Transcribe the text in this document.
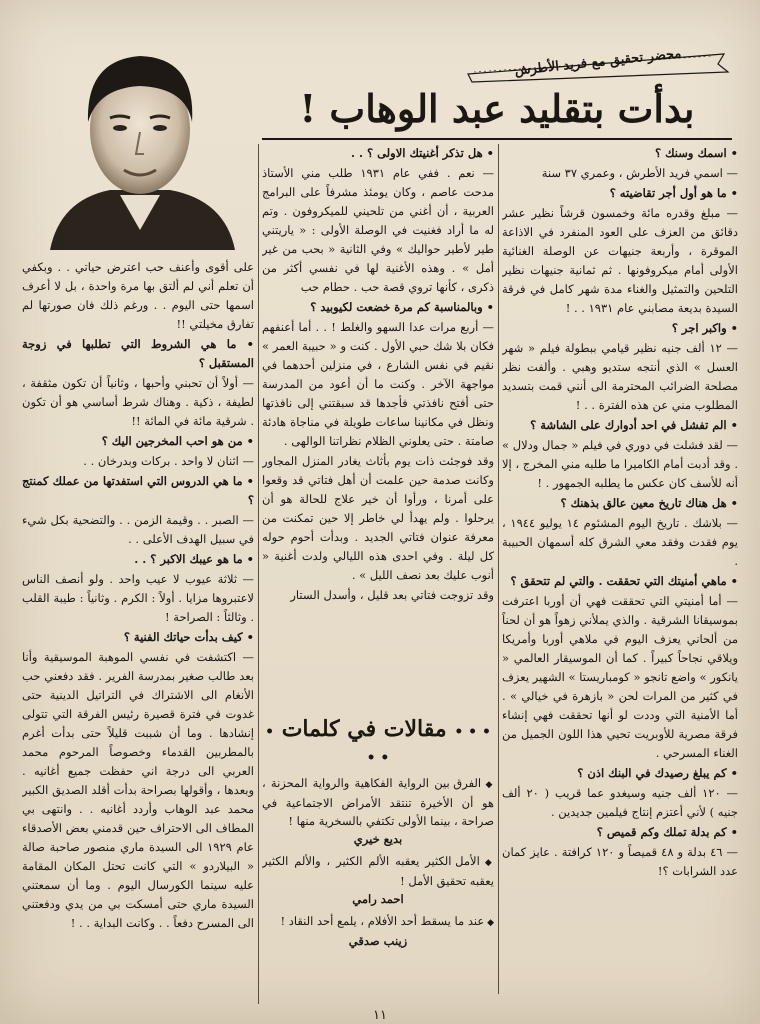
محضر تحقيق مع فريد الأطرش
بدأت بتقليد عبد الوهاب !

• اسمك وسنك ؟

— اسمي فريد الأطرش ، وعمري ٣٧ سنة

• ما هو أول أجر تقاضيته ؟

— مبلغ وقدره مائة وخمسون قرشاً نظير عشر دقائق من العزف على العود المنفرد في الاذاعة الموقرة ، وأربعة جنيهات عن الوصلة الغنائية الأولى أمام ميكروفونها . ثم ثمانية جنيهات نظير التلحين والتمثيل والغناء مدة شهر كامل في فرقة السيدة بديعة مصابني عام ١٩٣١ . . !

• واكبر اجر ؟

— ١٢ ألف جنيه نظير قيامي ببطولة فيلم « شهر العسل » الذي أنتجه ستديو وهبي . وألفت نظر مصلحة الضرائب المحترمة الى أنني قمت بتسديد المطلوب مني عن هذه الفترة . . !

• الم تفشل في احد أدوارك على الشاشة ؟

— لقد فشلت في دوري في فيلم « جمال ودلال » . وقد أدبت أمام الكاميرا ما طلبه مني المخرج ، إلا أنه للأسف كان عكس ما يطلبه الجمهور . !

• هل هناك تاريخ معين عالق بذهنك ؟

— بلاشك . تاريخ اليوم المشئوم ١٤ يوليو ١٩٤٤ ، يوم فقدت وفقد معي الشرق كله أسمهان الحبيبة .

• ماهي أمنيتك التي تحققت . والتي لم تتحقق ؟

— أما أمنيتي التي تحققت فهي أن أوربا اعترفت بموسيقانا الشرقية . والذي يملأني زهواً هو أن لحناً من ألحاني يعزف اليوم في ملاهي أوربا وأمريكا ويلاقي نجاحاً كبيراً . كما أن الموسيقار العالمي « يانكور » واضع تانجو « كومباريستا » الشهير يعزف في كثير من المرات لحن « بازهرة في خيالي » . أما الأمنية التي وددت لو أنها تحققت فهي إنشاء فرقة مصرية للأوبريت تحيي هذا اللون الجميل من الغناء المسرحي .

• كم يبلغ رصيدك في البنك اذن ؟

— ١٢٠ ألف جنيه وسيغدو عما قريب ( ٢٠ ألف جنيه ) لأني أعتزم إنتاج فيلمين جديدين .

• كم بدلة تملك وكم قميص ؟

— ٤٦ بدلة و ٤٨ قميصاً و ١٢٠ كرافتة . عايز كمان عدد الشرابات ؟!

• هل تذكر أغنيتك الاولى ؟ . .

— نعم . ففي عام ١٩٣١ طلب مني الأستاذ مدحت عاصم ، وكان يومئذ مشرفاً على البرامج العربية ، أن أغني من تلحيني للميكروفون . وتم له ما أراد فغنيت في الوصلة الأولى : « ياريتني طير لأطير حواليك » وفي الثانية « بحب من غير أمل » . وهذه الأغنية لها في نفسي أكثر من ذكرى ، كأنها تروي قصة حب . حطام حب

• وبالمناسبة كم مرة خضعت لكيوبيد ؟

— أربع مرات عدا السهو والغلط ! . . أما أعنفهم فكان بلا شك حبي الأول . كنت و « حبيبة العمر » نقيم في نفس الشارع ، في منزلين أحدهما في مواجهة الآخر . وكنت ما أن أعود من المدرسة حتى أفتح نافذتي فأجدها قد سبقتني إلى نافذتها ونظل في مكانينا ساعات طويلة في مناجاة هادئة صامتة . حتى يعلوني الظلام نظراتنا الوالهى .

وقد فوجئت ذات يوم بأثاث يغادر المنزل المجاور وكانت صدمة حين علمت أن أهل فتاتي قد وقعوا على أمرنا ، ورأوا أن خير علاج للحالة هو أن يرحلوا . ولم يهدأ لي خاطر إلا حين تمكنت من معرفة عنوان فتاتي الجديد . وبدأت أحوم حوله كل ليلة . وفي احدى هذه الليالي ولدت أغنية « أنوب عليك بعد نصف الليل » .

وقد تزوجت فتاتي بعد قليل ، وأسدل الستار

• • • مقالات في كلمات • • •

◆ الفرق بين الرواية الفكاهية والرواية المحزنة ، هو أن الأخيرة تنتقد الأمراض الاجتماعية في صراحة ، بينما الأولى تكتفي بالسخرية منها !

بديع خيري

◆ الأمل الكثير يعقبه الألم الكثير ، والألم الكثير يعقبه تحقيق الأمل !

احمد رامي

◆ عند ما يسقط أحد الأفلام ، يلمع أحد النقاد !

زينب صدقي

على أقوى وأعنف حب اعترض حياتي . . وبكفي أن تعلم أني لم ألتق بها مرة واحدة ، بل لا أعرف اسمها حتى اليوم . . ورغم ذلك فان صورتها لم تفارق مخيلتي !!

• ما هي الشروط التي تطلبها في زوجة المستقبل ؟

— أولاً أن تحبني وأحبها ، وثانياً أن تكون مثقفة ، لطيفة ، ذكية . وهناك شرط أساسي هو أن تكون . شرقية مائة في المائة !!

• من هو احب المخرجين اليك ؟

— اثنان لا واحد . بركات وبدرخان . .

• ما هي الدروس التي استفدتها من عملك كمنتج ؟

— الصبر . . وقيمة الزمن . . والتضحية بكل شيء في سبيل الهدف الأعلى . .

• ما هو عيبك الاكبر ؟ . .

— ثلاثة عيوب لا عيب واحد . ولو أنصف الناس لاعتبروها مزايا . أولاً : الكرم . وثانياً : طيبة القلب . وثالثاً : الصراحة !

• كيف بدأت حياتك الفنية ؟

— اكتشفت في نفسي الموهبة الموسيقية وأنا بعد طالب صغير بمدرسة الفرير . فقد دفعني حب الأنغام الى الاشتراك في التراتيل الدينية حتى غدوت في فترة قصيرة رئيس الفرقة التي تتولى إنشادها . وما أن شببت قليلاً حتى بدأت أغرم بالمطربين القدماء وخصوصاً المرحوم محمد العربي الى درجة اني حفظت جميع أغانيه . وبعدها ، وأقولها بصراحة بدأت أقلد الصديق الكبير محمد عبد الوهاب وأردد أغانيه . . وانتهى بي المطاف الى الاحتراف حين قدمني بعض الأصدقاء عام ١٩٢٩ الى السيدة ماري منصور صاحبة صالة « البيلاردو » التي كانت تحتل المكان المقامة عليه سينما الكورسال اليوم . وما أن سمعتني السيدة ماري حتى أمسكت بي من يدي ودفعتني الى المسرح دفعاً . . وكانت البداية . . !

١١
